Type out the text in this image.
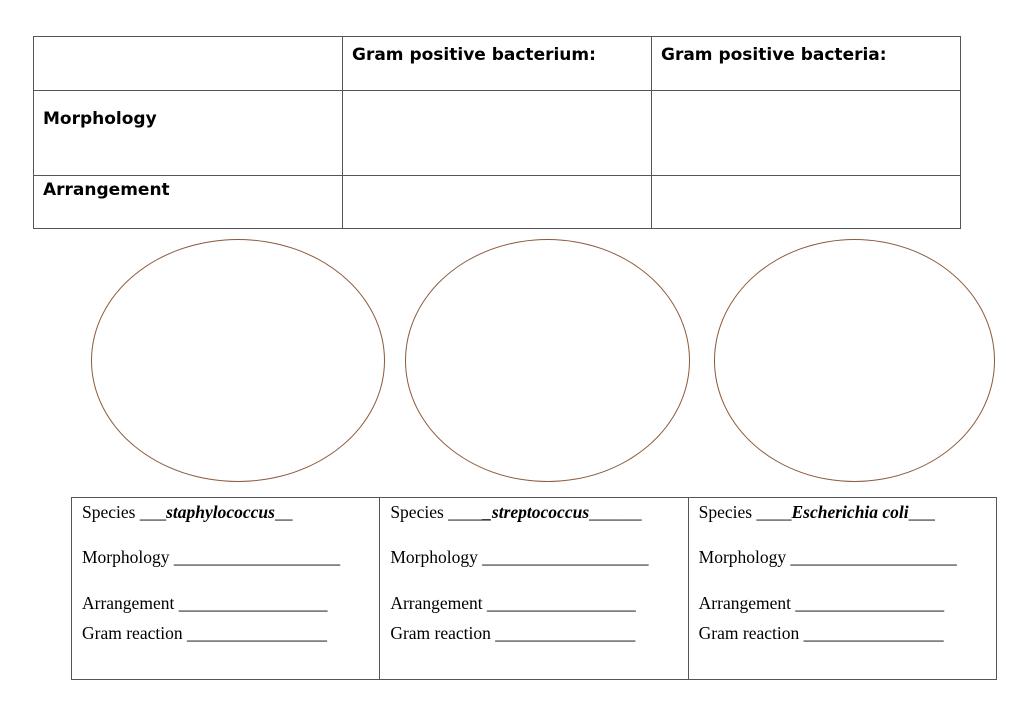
	Gram positive bacterium:	Gram positive bacteria:
Morphology		
Arrangement		
Species ___staphylococcus__
Morphology ___________________
Arrangement _________________
Gram reaction ________________

Species _____streptococcus______
Morphology ___________________
Arrangement _________________
Gram reaction ________________

Species ____Escherichia coli___
Morphology ___________________
Arrangement _________________
Gram reaction ________________
